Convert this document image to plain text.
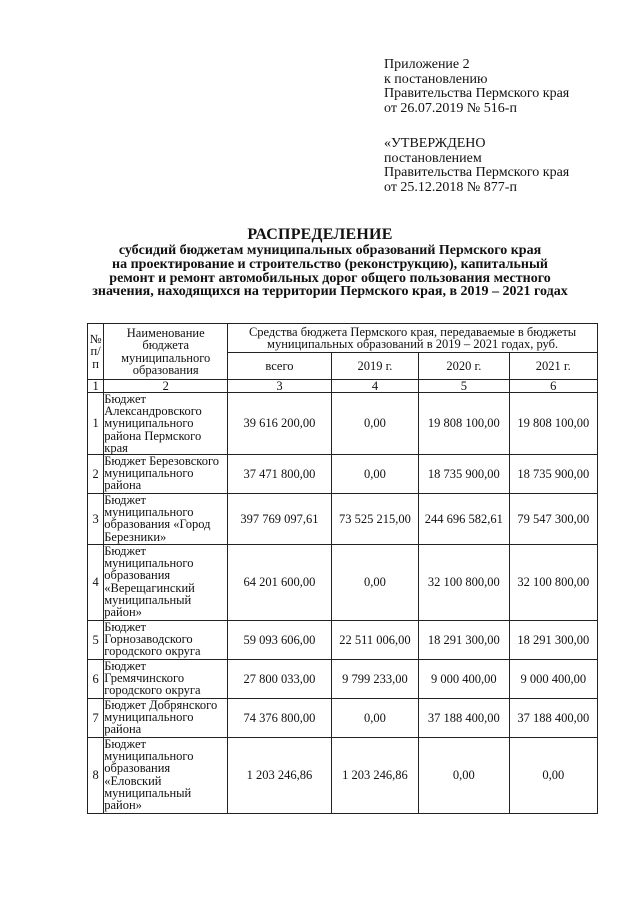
Приложение 2
к постановлению
Правительства Пермского края
от 26.07.2019 № 516-п
«УТВЕРЖДЕНО
постановлением
Правительства Пермского края
от 25.12.2018 № 877-п
РАСПРЕДЕЛЕНИЕ
субсидий бюджетам муниципальных образований Пермского края
на проектирование и строительство (реконструкцию), капитальный
ремонт и ремонт автомобильных дорог общего пользования местного
значения, находящихся на территории Пермского края, в 2019 – 2021 годах
№ п/п	Наименование бюджета муниципального образования	Средства бюджета Пермского края, передаваемые в бюджеты муниципальных образований в 2019 – 2021 годах, руб.			
		всего	2019 г.	2020 г.	2021 г.
1	2	3	4	5	6
1	Бюджет Александровского муниципального района Пермского края	39 616 200,00	0,00	19 808 100,00	19 808 100,00
2	Бюджет Березовского муниципального района	37 471 800,00	0,00	18 735 900,00	18 735 900,00
3	Бюджет муниципального образования «Город Березники»	397 769 097,61	73 525 215,00	244 696 582,61	79 547 300,00
4	Бюджет муниципального образования «Верещагинский муниципальный район»	64 201 600,00	0,00	32 100 800,00	32 100 800,00
5	Бюджет Горнозаводского городского округа	59 093 606,00	22 511 006,00	18 291 300,00	18 291 300,00
6	Бюджет Гремячинского городского округа	27 800 033,00	9 799 233,00	9 000 400,00	9 000 400,00
7	Бюджет Добрянского муниципального района	74 376 800,00	0,00	37 188 400,00	37 188 400,00
8	Бюджет муниципального образования «Еловский муниципальный район»	1 203 246,86	1 203 246,86	0,00	0,00
